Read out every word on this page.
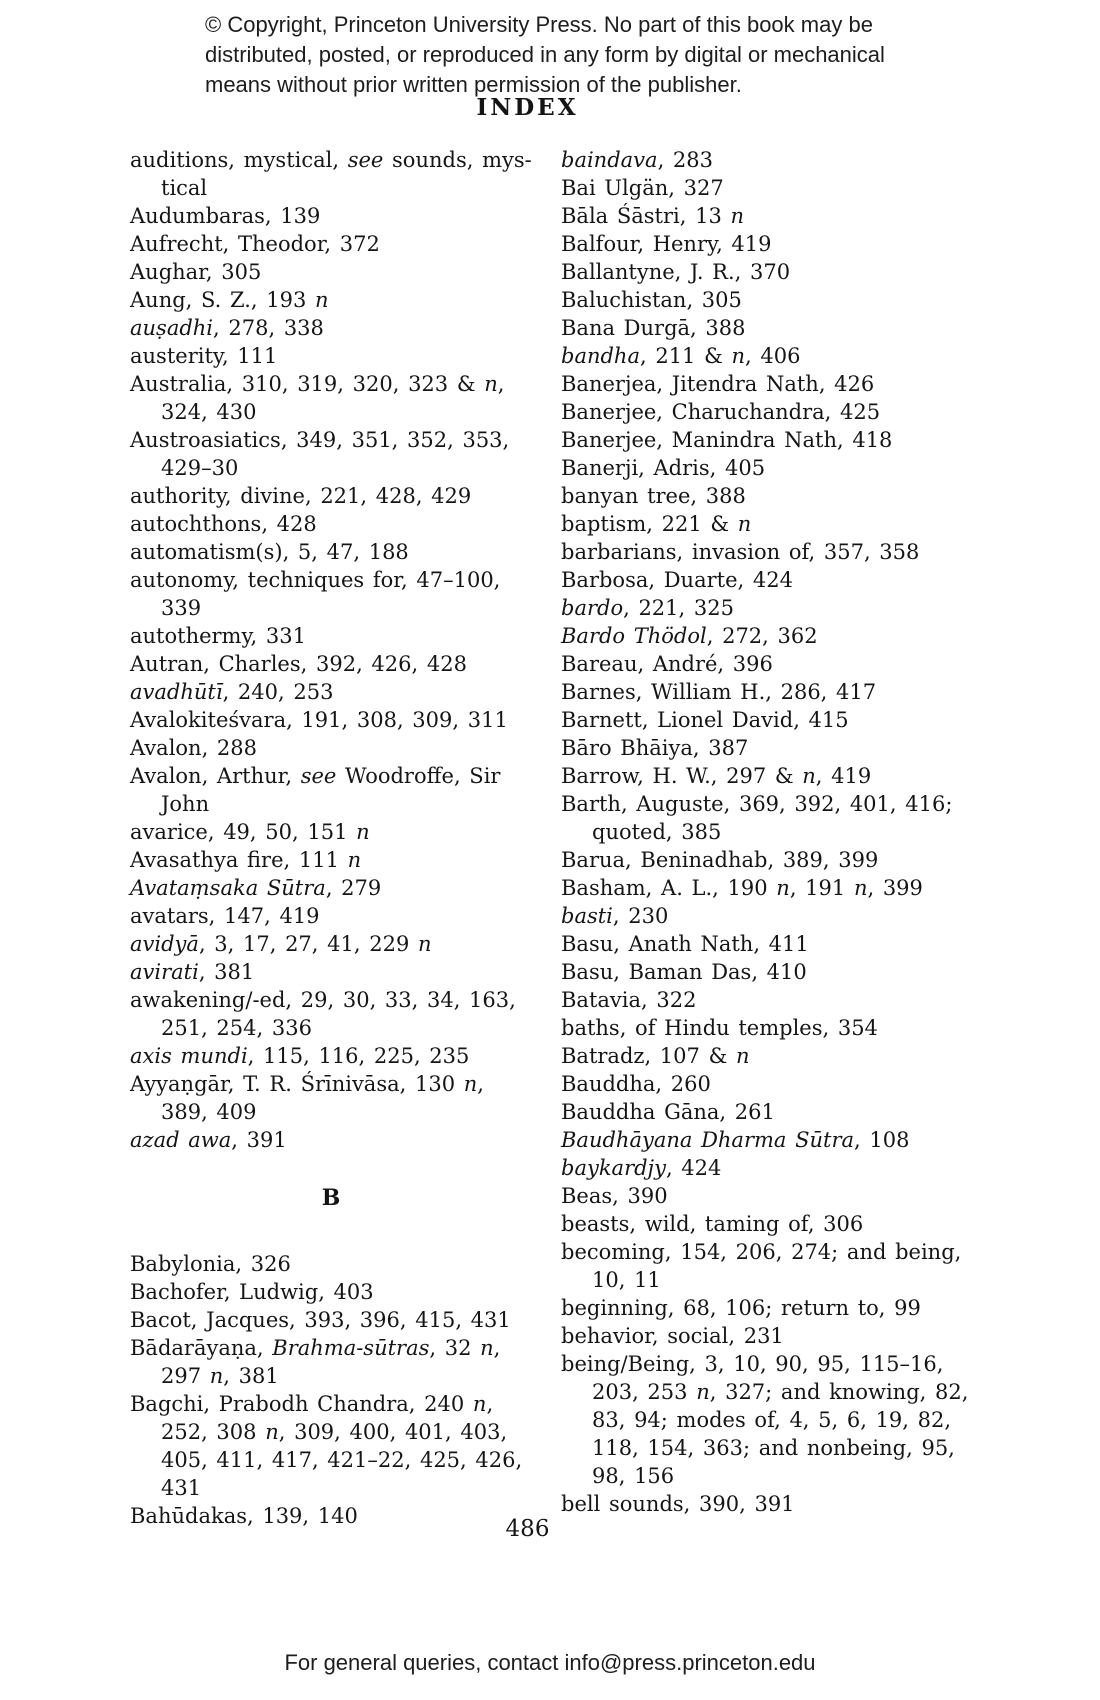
© Copyright, Princeton University Press. No part of this book may be
distributed, posted, or reproduced in any form by digital or mechanical
means without prior written permission of the publisher.
INDEX
auditions, mystical, see sounds, mys-
tical
Audumbaras, 139
Aufrecht, Theodor, 372
Aughar, 305
Aung, S. Z., 193 n
auṣadhi, 278, 338
austerity, 111
Australia, 310, 319, 320, 323 & n,
324, 430
Austroasiatics, 349, 351, 352, 353,
429–30
authority, divine, 221, 428, 429
autochthons, 428
automatism(s), 5, 47, 188
autonomy, techniques for, 47–100,
339
autothermy, 331
Autran, Charles, 392, 426, 428
avadhūtī, 240, 253
Avalokiteśvara, 191, 308, 309, 311
Avalon, 288
Avalon, Arthur, see Woodroffe, Sir
John
avarice, 49, 50, 151 n
Avasathya fire, 111 n
Avataṃsaka Sūtra, 279
avatars, 147, 419
avidyā, 3, 17, 27, 41, 229 n
avirati, 381
awakening/-ed, 29, 30, 33, 34, 163,
251, 254, 336
axis mundi, 115, 116, 225, 235
Ayyaṇgār, T. R. Śrīnivāsa, 130 n,
389, 409
azad awa, 391
B
Babylonia, 326
Bachofer, Ludwig, 403
Bacot, Jacques, 393, 396, 415, 431
Bādarāyaṇa, Brahma-sūtras, 32 n,
297 n, 381
Bagchi, Prabodh Chandra, 240 n,
252, 308 n, 309, 400, 401, 403,
405, 411, 417, 421–22, 425, 426,
431
Bahūdakas, 139, 140
baindava, 283
Bai Ulgän, 327
Bāla Śāstri, 13 n
Balfour, Henry, 419
Ballantyne, J. R., 370
Baluchistan, 305
Bana Durgā, 388
bandha, 211 & n, 406
Banerjea, Jitendra Nath, 426
Banerjee, Charuchandra, 425
Banerjee, Manindra Nath, 418
Banerji, Adris, 405
banyan tree, 388
baptism, 221 & n
barbarians, invasion of, 357, 358
Barbosa, Duarte, 424
bardo, 221, 325
Bardo Thödol, 272, 362
Bareau, André, 396
Barnes, William H., 286, 417
Barnett, Lionel David, 415
Bāro Bhāiya, 387
Barrow, H. W., 297 & n, 419
Barth, Auguste, 369, 392, 401, 416;
quoted, 385
Barua, Beninadhab, 389, 399
Basham, A. L., 190 n, 191 n, 399
basti, 230
Basu, Anath Nath, 411
Basu, Baman Das, 410
Batavia, 322
baths, of Hindu temples, 354
Batradz, 107 & n
Bauddha, 260
Bauddha Gāna, 261
Baudhāyana Dharma Sūtra, 108
baykardjy, 424
Beas, 390
beasts, wild, taming of, 306
becoming, 154, 206, 274; and being,
10, 11
beginning, 68, 106; return to, 99
behavior, social, 231
being/Being, 3, 10, 90, 95, 115–16,
203, 253 n, 327; and knowing, 82,
83, 94; modes of, 4, 5, 6, 19, 82,
118, 154, 363; and nonbeing, 95,
98, 156
bell sounds, 390, 391
486
For general queries, contact info@press.princeton.edu
